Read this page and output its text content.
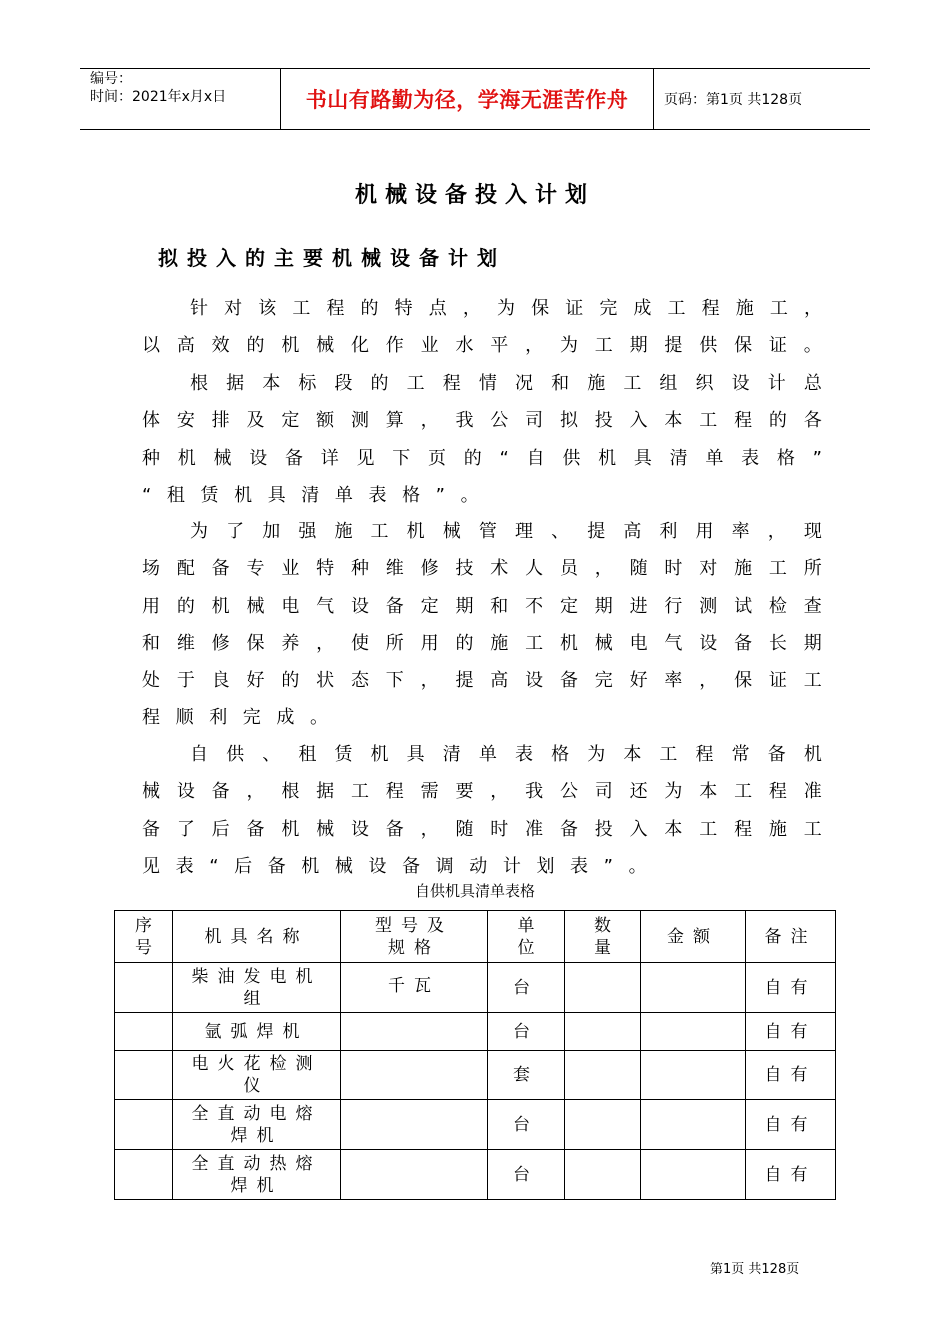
编号：
时间：2021年x月x日	书山有路勤为径，学海无涯苦作舟	页码：第1页 共128页
机械设备投入计划
拟投入的主要机械设备计划
针 对 该 工 程 的 特 点 ， 为 保 证 完 成 工 程 施 工 ，
以 高 效 的 机 械 化 作 业 水 平 ， 为 工 期 提 供 保 证 。
根 据 本 标 段 的 工 程 情 况 和 施 工 组 织 设 计 总
体 安 排 及 定 额 测 算 ， 我 公 司 拟 投 入 本 工 程 的 各
种 机 械 设 备 详 见 下 页 的 “ 自 供 机 具 清 单 表 格 ”
“ 租 赁 机 具 清 单 表 格 ” 。
为 了 加 强 施 工 机 械 管 理 、 提 高 利 用 率 ， 现
场 配 备 专 业 特 种 维 修 技 术 人 员 ， 随 时 对 施 工 所
用 的 机 械 电 气 设 备 定 期 和 不 定 期 进 行 测 试 检 查
和 维 修 保 养 ， 使 所 用 的 施 工 机 械 电 气 设 备 长 期
处 于 良 好 的 状 态 下 ， 提 高 设 备 完 好 率 ， 保 证 工
程 顺 利 完 成 。
自 供 、 租 赁 机 具 清 单 表 格 为 本 工 程 常 备 机
械 设 备 ， 根 据 工 程 需 要 ， 我 公 司 还 为 本 工 程 准
备 了 后 备 机 械 设 备 ， 随 时 准 备 投 入 本 工 程 施 工
见 表 “ 后 备 机 械 设 备 调 动 计 划 表 ” 。
自供机具清单表格
序号	机具名称	型号及规格	单位	数量	金额	备注

	柴油发电机组	千瓦	台			自有

	氩弧焊机		台			自有

	电火花检测仪		套			自有

	全直动电熔焊机		台			自有

	全直动热熔焊机		台			自有
第1页 共128页
